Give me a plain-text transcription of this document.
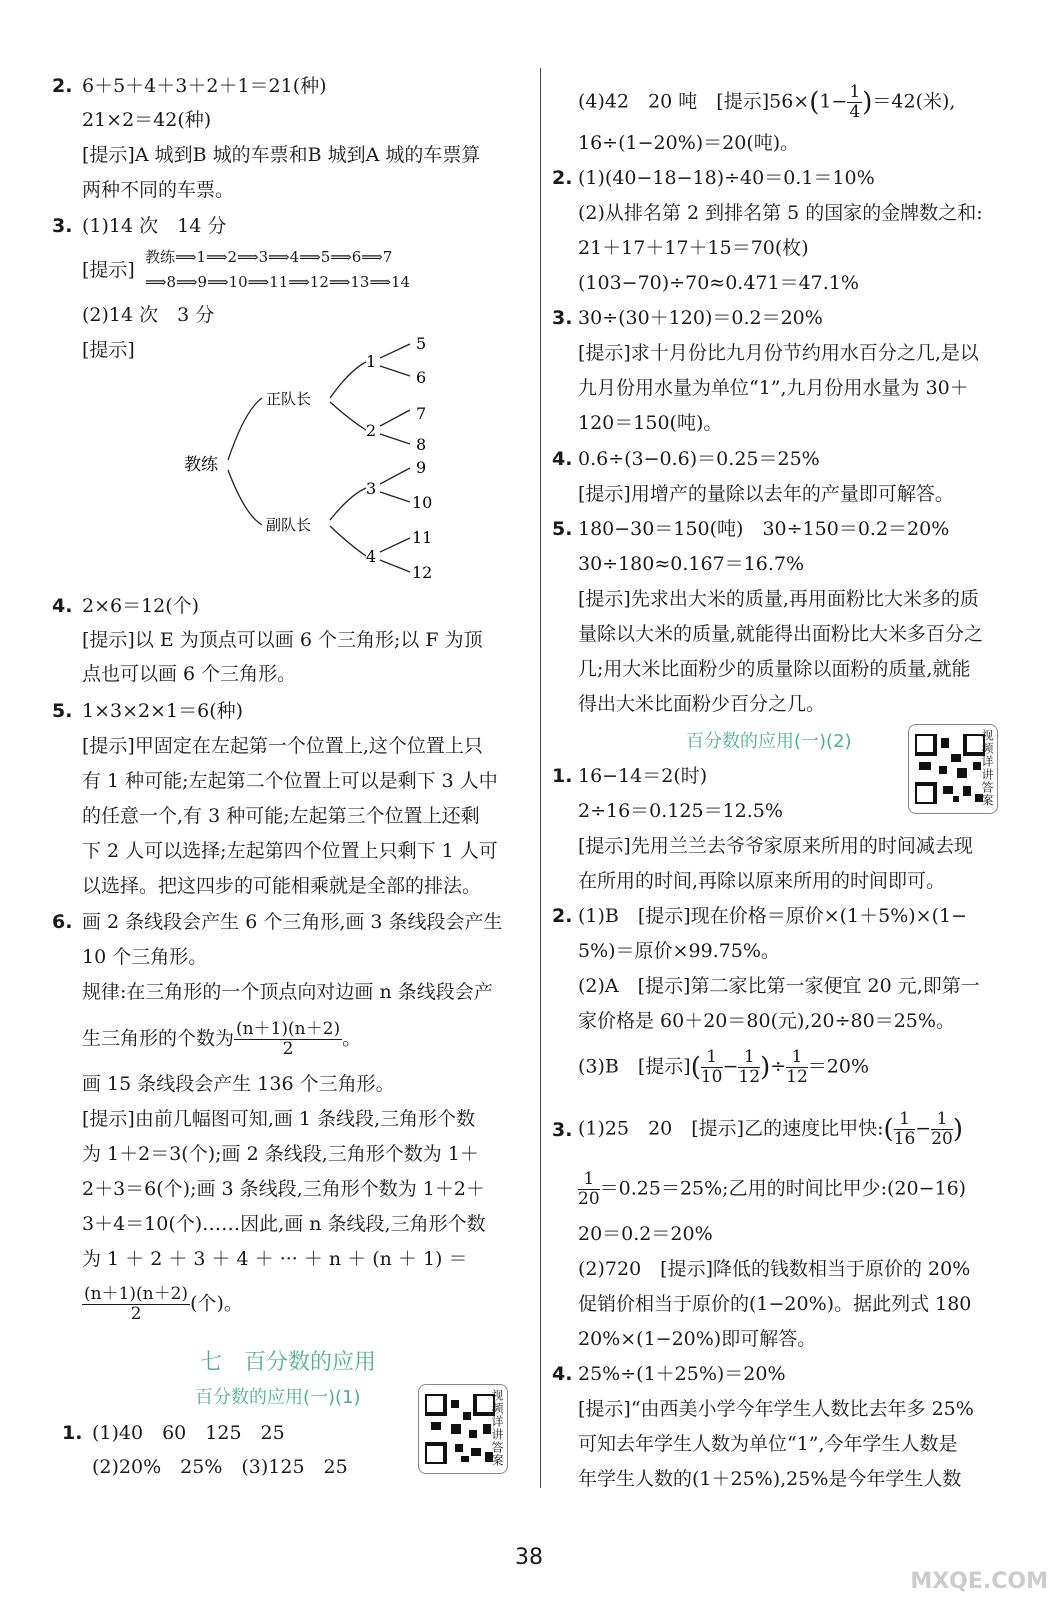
2. 6＋5＋4＋3＋2＋1＝21(种)
21×2＝42(种)
[提示]A 城到B 城的车票和B 城到A 城的车票算
两种不同的车票。
3. (1)14 次　14 分
[提示]
教练⟹1⟹2⟹3⟹4⟹5⟹6⟹7
⟹8⟹9⟹10⟹11⟹12⟹13⟹14
(2)14 次　3 分
[提示]
教练
正队长
副队长
1
2
3
4
5
6
7
8
9
10
11
12
4. 2×6＝12(个)
[提示]以 E 为顶点可以画 6 个三角形;以 F 为顶
点也可以画 6 个三角形。
5. 1×3×2×1＝6(种)
[提示]甲固定在左起第一个位置上,这个位置上只
有 1 种可能;左起第二个位置上可以是剩下 3 人中
的任意一个,有 3 种可能;左起第三个位置上还剩
下 2 人可以选择;左起第四个位置上只剩下 1 人可
以选择。把这四步的可能相乘就是全部的排法。
6. 画 2 条线段会产生 6 个三角形,画 3 条线段会产生
10 个三角形。
规律:在三角形的一个顶点向对边画 n 条线段会产
生三角形的个数为 $\frac{(n+1)(n+2)}{2}$ 。
画 15 条线段会产生 136 个三角形。
[提示]由前几幅图可知,画 1 条线段,三角形个数
为 1＋2＝3(个);画 2 条线段,三角形个数为 1＋
2＋3＝6(个);画 3 条线段,三角形个数为 1＋2＋
3＋4＝10(个)……因此,画 n 条线段,三角形个数
为 1 ＋ 2 ＋ 3 ＋ 4 ＋ ··· ＋ n ＋ (n ＋ 1) ＝
$\frac{(n+1)(n+2)}{2}$ (个)。
七　百分数的应用
百分数的应用(一)(1)	视频详讲答案
1. (1)40　60　125　25
(2)20%　25%　(3)125　25
(4)42　20 吨　[提示]$56\times(1- \frac{1}{4} )=42$(米),
16÷(1−20%)＝20(吨)。
2. (1)(40−18−18)÷40＝0.1＝10%
(2)从排名第 2 到排名第 5 的国家的金牌数之和:
21＋17＋17＋15＝70(枚)
(103−70)÷70≈0.471＝47.1%
3. 30÷(30＋120)＝0.2＝20%
[提示]求十月份比九月份节约用水百分之几,是以
九月份用水量为单位“1”,九月份用水量为 30＋
120＝150(吨)。
4. 0.6÷(3−0.6)＝0.25＝25%
[提示]用增产的量除以去年的产量即可解答。
5. 180−30＝150(吨)　30÷150＝0.2＝20%
30÷180≈0.167＝16.7%
[提示]先求出大米的质量,再用面粉比大米多的质
量除以大米的质量,就能得出面粉比大米多百分之
几;用大米比面粉少的质量除以面粉的质量,就能
得出大米比面粉少百分之几。
百分数的应用(一)(2)	视频详讲答案
1. 16−14＝2(时)
2÷16＝0.125＝12.5%
[提示]先用兰兰去爷爷家原来所用的时间减去现
在所用的时间,再除以原来所用的时间即可。
2. (1)B　[提示]现在价格＝原价×(1＋5%)×(1−
5%)＝原价×99.75%。
(2)A　[提示]第二家比第一家便宜 20 元,即第一
家价格是 60＋20＝80(元),20÷80＝25%。
(3)B　[提示]( $\frac{1}{10} - \frac{1}{12}$ )÷ $\frac{1}{12} =20\%$
3. (1)25　20　[提示]乙的速度比甲快:( $\frac{1}{16} - \frac{1}{20}$ )
$\frac{1}{20} =0.25=25\%$;乙用的时间比甲少:(20−16)
20＝0.2＝20%
(2)720　[提示]降低的钱数相当于原价的 20%
促销价相当于原价的(1−20%)。据此列式 180
20%×(1−20%)即可解答。
4. 25%÷(1＋25%)＝20%
[提示]“由西美小学今年学生人数比去年多 25%
可知去年学生人数为单位“1”,今年学生人数是
年学生人数的(1＋25%),25%是今年学生人数
38
MXQE.COM
